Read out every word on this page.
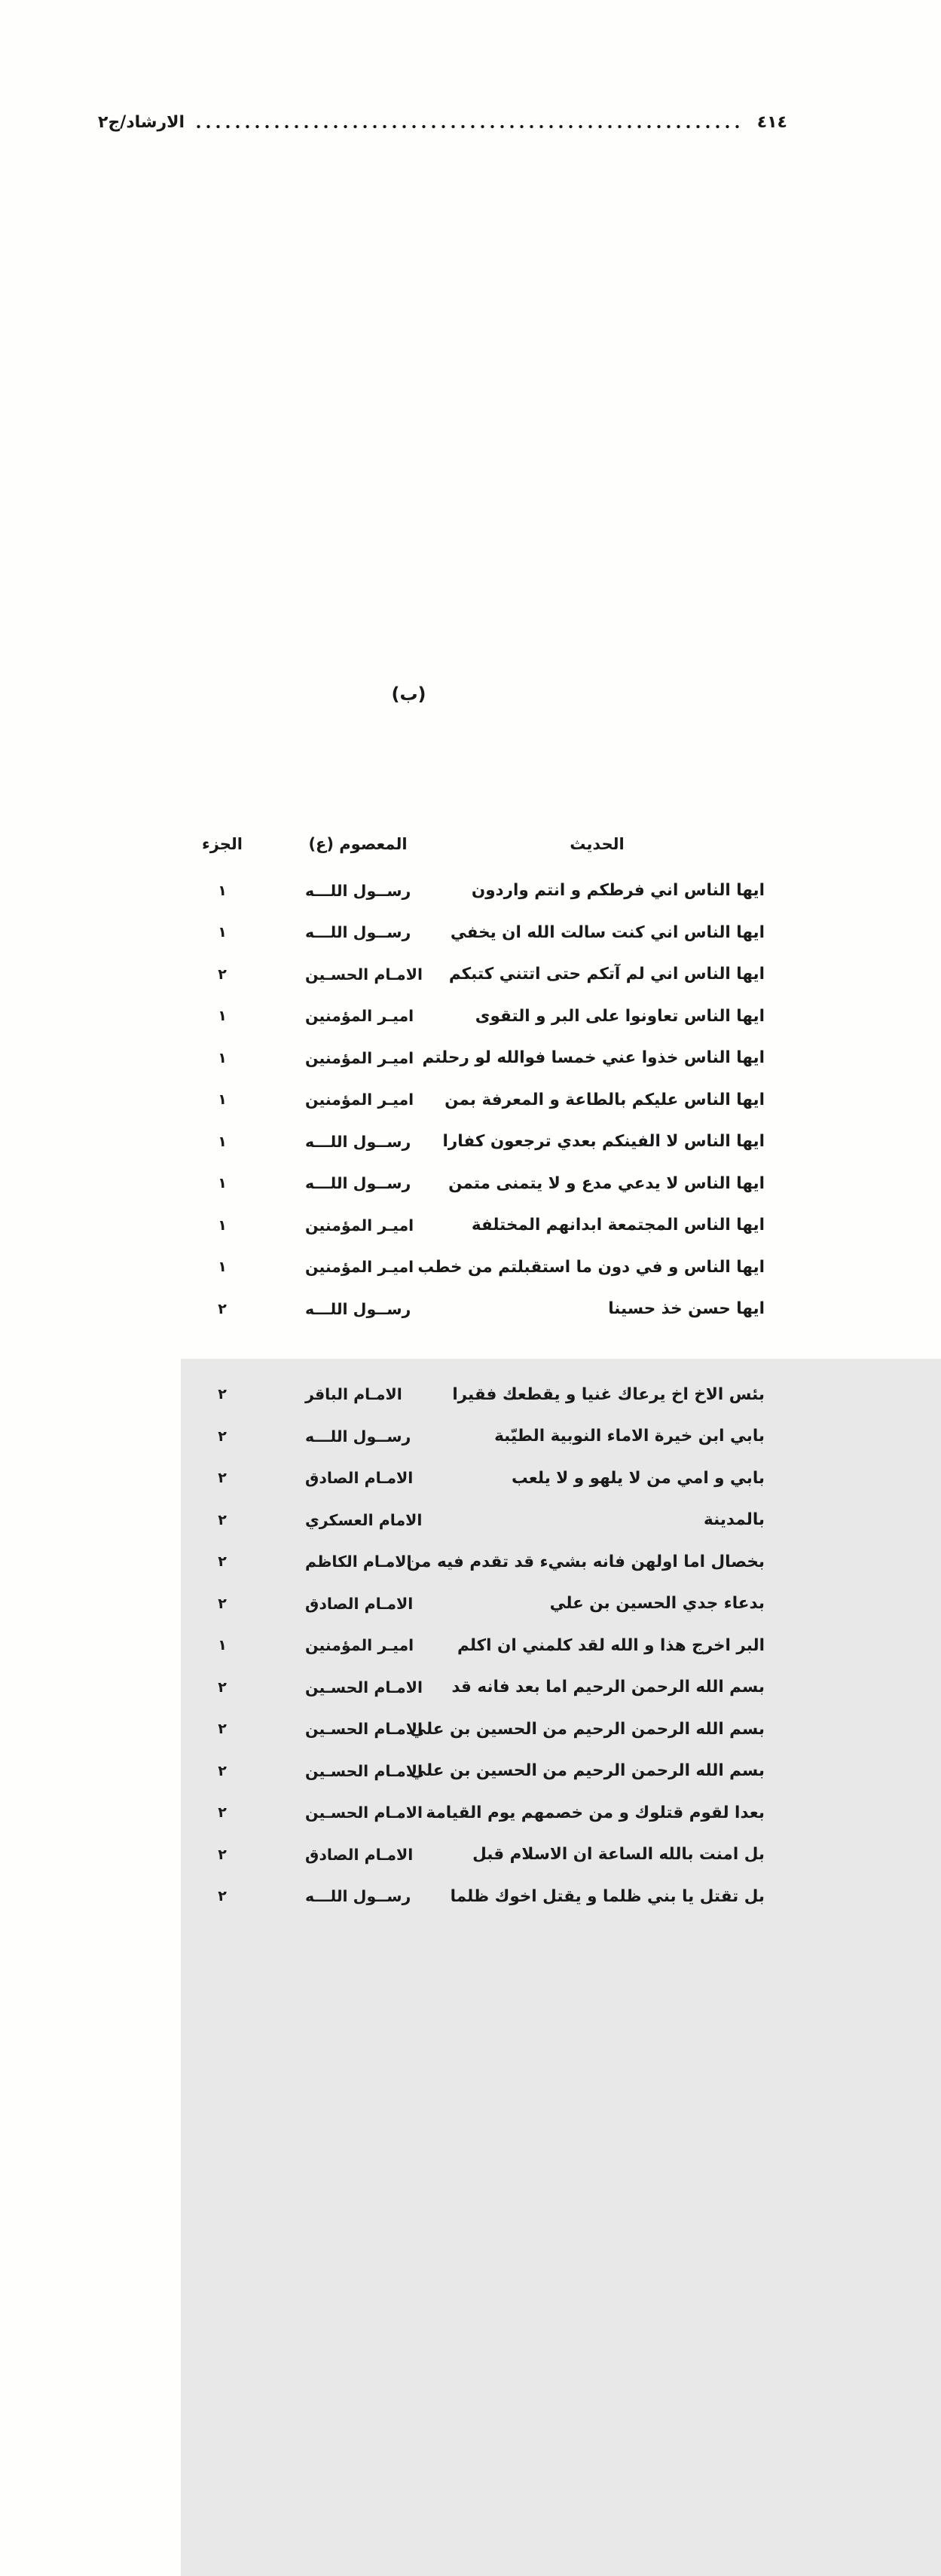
الارشاد/ج٢	٤١٤
الحديث
المعصوم (ع)
الجزء
ايها الناس اني فرطكم و انتم واردون
رســول اللـــه
١
ايها الناس اني كنت سالت الله ان يخفي
رســول اللـــه
١
ايها الناس اني لم آتكم حتى اتتني كتبكم
الامـام الحسـين
٢
ايها الناس تعاونوا على البر و التقوى
اميـر المؤمنين
١
ايها الناس خذوا عني خمسا فوالله لو رحلتم
اميـر المؤمنين
١
ايها الناس عليكم بالطاعة و المعرفة بمن
اميـر المؤمنين
١
ايها الناس لا الفينكم بعدي ترجعون كفارا
رســول اللـــه
١
ايها الناس لا يدعي مدع و لا يتمنى متمن
رســول اللـــه
١
ايها الناس المجتمعة ابدانهم المختلفة
اميـر المؤمنين
١
ايها الناس و في دون ما استقبلتم من خطب
اميـر المؤمنين
١
ايها حسن خذ حسينا
رســول اللـــه
٢
(ب)
بئس الاخ اخ يرعاك غنيا و يقطعك فقيرا
الامـام الباقر
٢
بابي ابن خيرة الاماء النوبية الطيّبة
رســول اللـــه
٢
بابي و امي من لا يلهو و لا يلعب
الامـام الصادق
٢
بالمدينة
الامام العسكري
٢
بخصال اما اولهن فانه بشيء قد تقدم فيه من
الامـام الكاظم
٢
بدعاء جدي الحسين بن علي
الامـام الصادق
٢
البر اخرج هذا و الله لقد كلمني ان اكلم
اميـر المؤمنين
١
بسم الله الرحمن الرحيم اما بعد فانه قد
الامـام الحسـين
٢
بسم الله الرحمن الرحيم من الحسين بن علي
الامـام الحسـين
٢
بسم الله الرحمن الرحيم من الحسين بن علي
الامـام الحسـين
٢
بعدا لقوم قتلوك و من خصمهم يوم القيامة
الامـام الحسـين
٢
بل امنت بالله الساعة ان الاسلام قبل
الامـام الصادق
٢
بل تقتل يا بني ظلما و يقتل اخوك ظلما
رســول اللـــه
٢
